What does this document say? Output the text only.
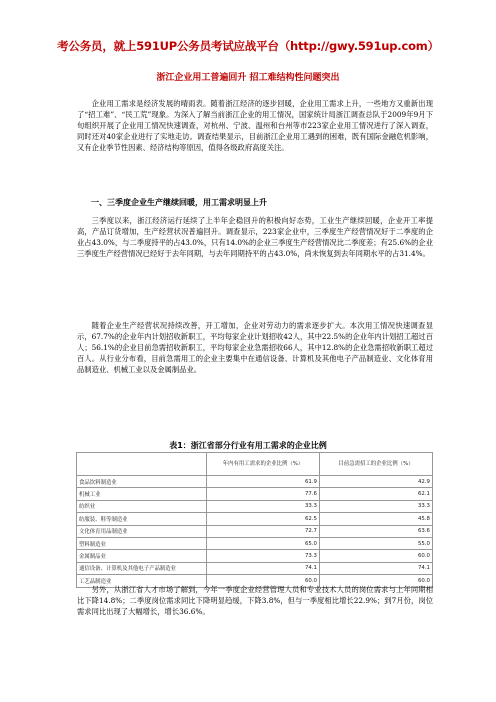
考公务员，就上591UP公务员考试应战平台（http://gwy.591up.com）
浙江企业用工普遍回升 招工难结构性问题突出

企业用工需求是经济发展的晴雨表。随着浙江经济的逐步回暖，企业用工需求上升，一些地方又重新出现了“招工难”、“民工荒”现象。为深入了解当前浙江企业的用工情况，国家统计局浙江调查总队于2009年9月下旬组织开展了企业用工情况快速调查，对杭州、宁波、温州和台州等市223家企业用工情况进行了深入调查，同时还对40家企业进行了实地走访。调查结果显示，目前浙江企业用工遇到的困难，既有国际金融危机影响，又有企业季节性因素、经济结构等原因，值得各级政府高度关注。

一、三季度企业生产继续回暖，用工需求明显上升

三季度以来，浙江经济运行延续了上半年企稳回升的积极向好态势，工业生产继续回暖，企业开工率提高，产品订货增加，生产经营状况普遍回升。调查显示，223家企业中，三季度生产经营情况好于二季度的企业占43.0%，与二季度持平的占43.0%，只有14.0%的企业三季度生产经营情况比二季度差；有25.6%的企业三季度生产经营情况已经好于去年同期，与去年同期持平的占43.0%，尚未恢复到去年同期水平的占31.4%。

随着企业生产经营状况持续改善，开工增加，企业对劳动力的需求逐步扩大。本次用工情况快速调查显示，67.7%的企业年内计划招收新职工，平均每家企业计划招收42人，其中22.5%的企业年内计划招工超过百人；56.1%的企业目前急需招收新职工，平均每家企业急需招收66人，其中12.8%的企业急需招收新职工超过百人。从行业分布看，目前急需用工的企业主要集中在通信设备、计算机及其他电子产品制造业、文化体育用品制造业、机械工业以及金属制品业。

表1：浙江省部分行业有用工需求的企业比例
	年内有用工需求的企业比例（%）	目前急需招工的企业比例（%）
食品饮料制造业	61.9	42.9
机械工业	77.6	62.1
纺织业	33.3	33.3
纺服装、鞋等制造业	62.5	45.8
文化体育用品制造业	72.7	63.6
塑料制造业	65.0	55.0
金属制品业	73.3	60.0
通信设备、计算机及其他电子产品制造业	74.1	74.1
工艺品制造业	60.0	60.0

另外，从浙江省人才市场了解到，今年一季度企业经营管理人员和专业技术人员的岗位需求与上年同期相比下降14.8%；二季度岗位需求同比下降明显趋缓，下降3.8%，但与一季度相比增长22.9%；到7月份，岗位需求同比出现了大幅增长，增长36.6%。
